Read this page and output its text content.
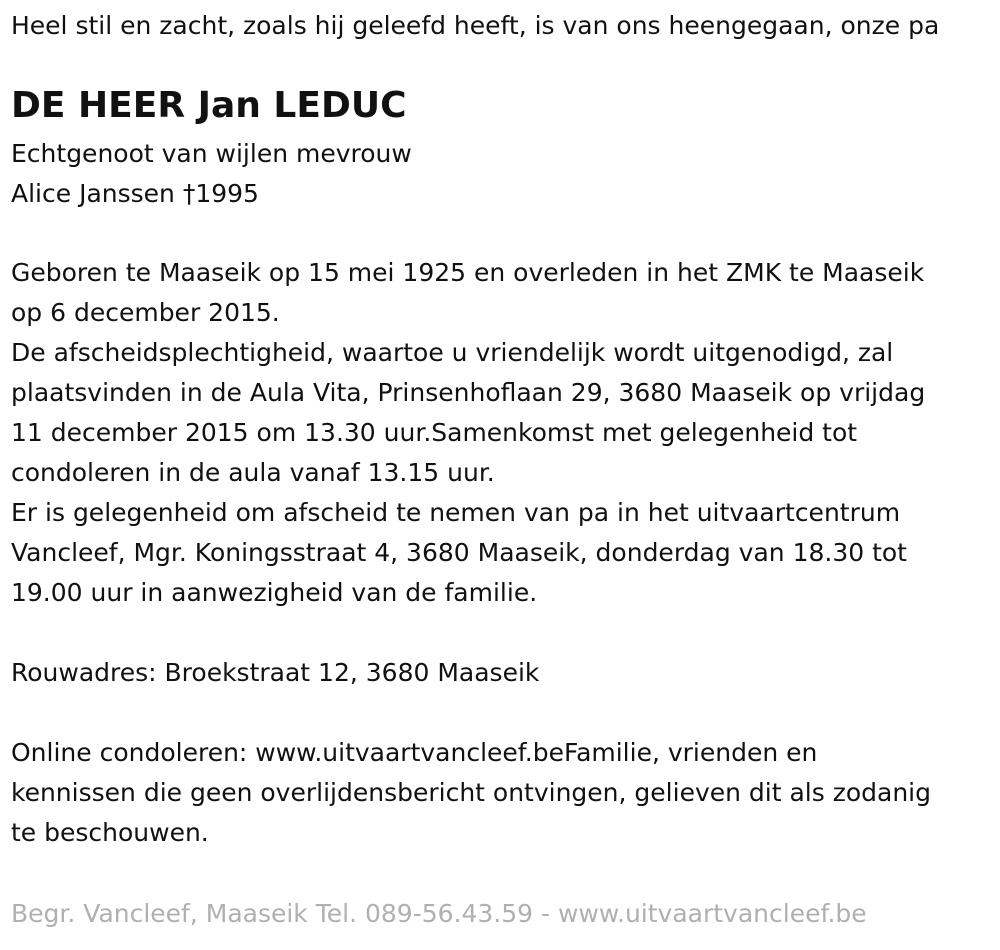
Heel stil en zacht, zoals hij geleefd heeft, is van ons heengegaan, onze pa
DE HEER Jan LEDUC
Echtgenoot van wijlen mevrouw
Alice Janssen †1995
Geboren te Maaseik op 15 mei 1925 en overleden in het ZMK te Maaseik
op 6 december 2015.
De afscheidsplechtigheid, waartoe u vriendelijk wordt uitgenodigd, zal
plaatsvinden in de Aula Vita, Prinsenhoflaan 29, 3680 Maaseik op vrijdag
11 december 2015 om 13.30 uur.Samenkomst met gelegenheid tot
condoleren in de aula vanaf 13.15 uur.
Er is gelegenheid om afscheid te nemen van pa in het uitvaartcentrum
Vancleef, Mgr. Koningsstraat 4, 3680 Maaseik, donderdag van 18.30 tot
19.00 uur in aanwezigheid van de familie.
Rouwadres: Broekstraat 12, 3680 Maaseik
Online condoleren: www.uitvaartvancleef.beFamilie, vrienden en
kennissen die geen overlijdensbericht ontvingen, gelieven dit als zodanig
te beschouwen.
Begr. Vancleef, Maaseik Tel. 089-56.43.59 - www.uitvaartvancleef.be
